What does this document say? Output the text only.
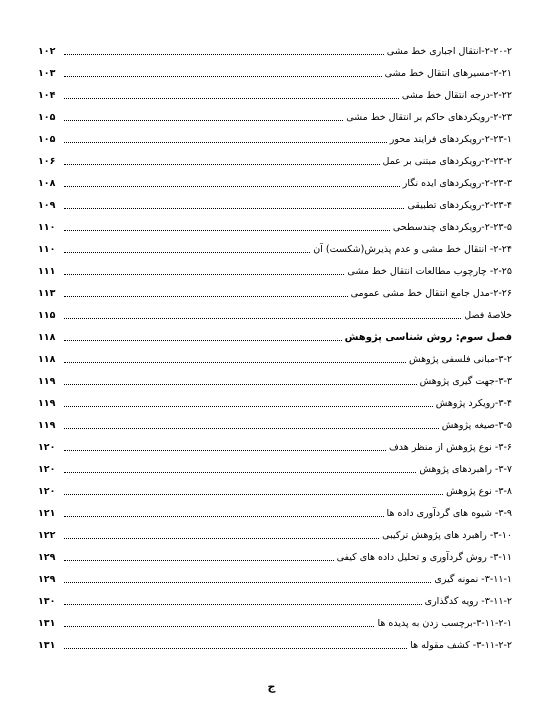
۲-۲۰-۲-انتقال اجباری خط مشی
۱۰۲
۲-۲۱-مسیرهای انتقال خط مشی
۱۰۳
۲-۲۲-درجه انتقال خط مشی
۱۰۴
۲-۲۳-رویکردهای حاکم بر انتقال خط مشی
۱۰۵
۲-۲۳-۱-رویکردهای فرایند محور
۱۰۵
۲-۲۳-۲-رویکردهای مبتنی بر عمل
۱۰۶
۲-۲۳-۳-رویکردهای ایده نگار
۱۰۸
۲-۲۳-۴-رویکردهای تطبیقی
۱۰۹
۲-۲۳-۵-رویکردهای چندسطحی
۱۱۰
۲-۲۴- انتقال خط مشی و عدم پذیرش(شکست) آن
۱۱۰
۲-۲۵- چارچوب مطالعات انتقال خط مشی
۱۱۱
۲-۲۶-مدل جامع انتقال خط مشی عمومی
۱۱۳
خلاصهٔ فصل
۱۱۵
فصل سوم: روش شناسی پژوهش
۱۱۸
۳-۲-مبانی فلسفی پژوهش
۱۱۸
۳-۳-جهت گیری پژوهش
۱۱۹
۳-۴-رویکرد پژوهش
۱۱۹
۳-۵-صیغه پژوهش
۱۱۹
۳-۶- نوع پژوهش از منظر هدف
۱۲۰
۳-۷- راهبردهای پژوهش
۱۲۰
۳-۸- نوع پژوهش
۱۲۰
۳-۹- شیوه های گردآوری داده ها
۱۲۱
۳-۱۰- راهبرد های پژوهش ترکیبی
۱۲۲
۳-۱۱- روش گردآوری و تحلیل داده های کیفی
۱۲۹
۳-۱۱-۱- نمونه گیری
۱۲۹
۳-۱۱-۲- رویه کدگذاری
۱۳۰
۳-۱۱-۲-۱-برچسب زدن به پدیده ها
۱۳۱
۳-۱۱-۲-۲- کشف مقوله ها
۱۳۱
ج
